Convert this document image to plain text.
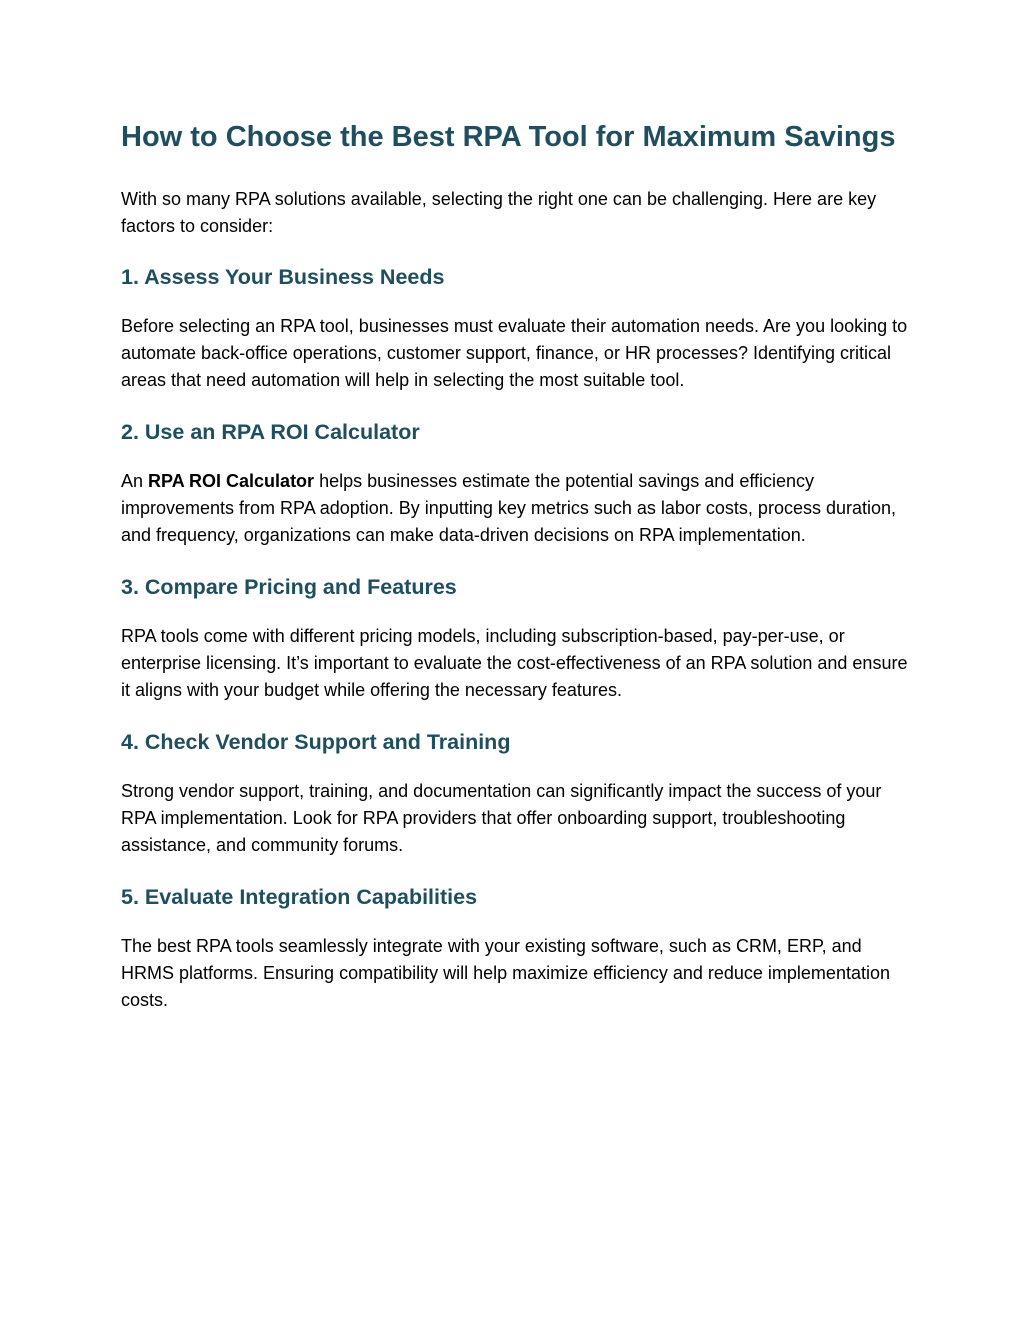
How to Choose the Best RPA Tool for Maximum Savings

With so many RPA solutions available, selecting the right one can be challenging. Here are key factors to consider:

1. Assess Your Business Needs

Before selecting an RPA tool, businesses must evaluate their automation needs. Are you looking to automate back-office operations, customer support, finance, or HR processes? Identifying critical areas that need automation will help in selecting the most suitable tool.

2. Use an RPA ROI Calculator

An RPA ROI Calculator helps businesses estimate the potential savings and efficiency improvements from RPA adoption. By inputting key metrics such as labor costs, process duration, and frequency, organizations can make data-driven decisions on RPA implementation.

3. Compare Pricing and Features

RPA tools come with different pricing models, including subscription-based, pay-per-use, or enterprise licensing. It’s important to evaluate the cost-effectiveness of an RPA solution and ensure it aligns with your budget while offering the necessary features.

4. Check Vendor Support and Training

Strong vendor support, training, and documentation can significantly impact the success of your RPA implementation. Look for RPA providers that offer onboarding support, troubleshooting assistance, and community forums.

5. Evaluate Integration Capabilities

The best RPA tools seamlessly integrate with your existing software, such as CRM, ERP, and HRMS platforms. Ensuring compatibility will help maximize efficiency and reduce implementation costs.
